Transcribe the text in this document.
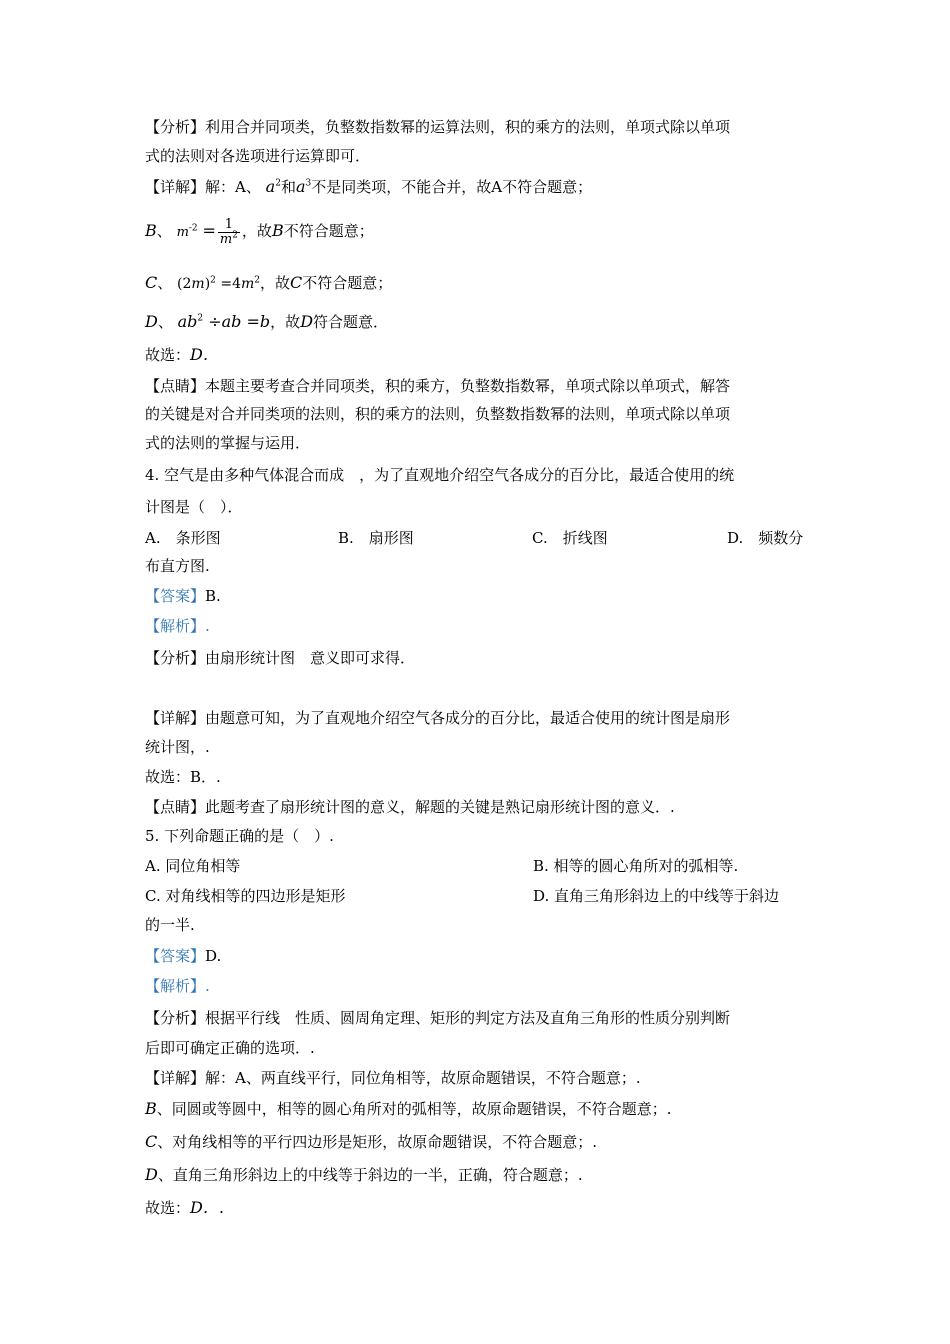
【分析】利用合并同项类，负整数指数幂的运算法则，积的乘方的法则，单项式除以单项
式的法则对各选项进行运算即可．
【详解】解：A、 $a^2$和$a^3$不是同类项，不能合并，故A不符合题意；
B、 $m^{-2} = \frac{1}{m^2}$ ，故B不符合题意；
C、 $(2m)^2 =4m^2$，故C不符合题意；
D、 $ab^2 \div ab =b$，故D符合题意．
故选：D．
【点睛】本题主要考查合并同项类，积的乘方，负整数指数幂，单项式除以单项式，解答
的关键是对合并同类项的法则，积的乘方的法则，负整数指数幂的法则，单项式除以单项
式的法则的掌握与运用．
4. 空气是由多种气体混合而成　，为了直观地介绍空气各成分的百分比，最适合使用的统
计图是（　）．
A.　条形图	B.　扇形图	C.　折线图	D.　频数分
布直方图.
【答案】B.
【解析】.
【分析】由扇形统计图　意义即可求得．
【详解】由题意可知，为了直观地介绍空气各成分的百分比，最适合使用的统计图是扇形
统计图，.
故选：B．.
【点睛】此题考查了扇形统计图的意义，解题的关键是熟记扇形统计图的意义．.
5. 下列命题正确的是（　）.
A. 同位角相等	B. 相等的圆心角所对的弧相等.
C. 对角线相等的四边形是矩形	D. 直角三角形斜边上的中线等于斜边
的一半.
【答案】D.
【解析】.
【分析】根据平行线　性质、圆周角定理、矩形的判定方法及直角三角形的性质分别判断
后即可确定正确的选项．.
【详解】解：A、两直线平行，同位角相等，故原命题错误，不符合题意；.
B、同圆或等圆中，相等的圆心角所对的弧相等，故原命题错误，不符合题意；.
C、对角线相等的平行四边形是矩形，故原命题错误，不符合题意；.
D、直角三角形斜边上的中线等于斜边的一半，正确，符合题意；.
故选：D．.
